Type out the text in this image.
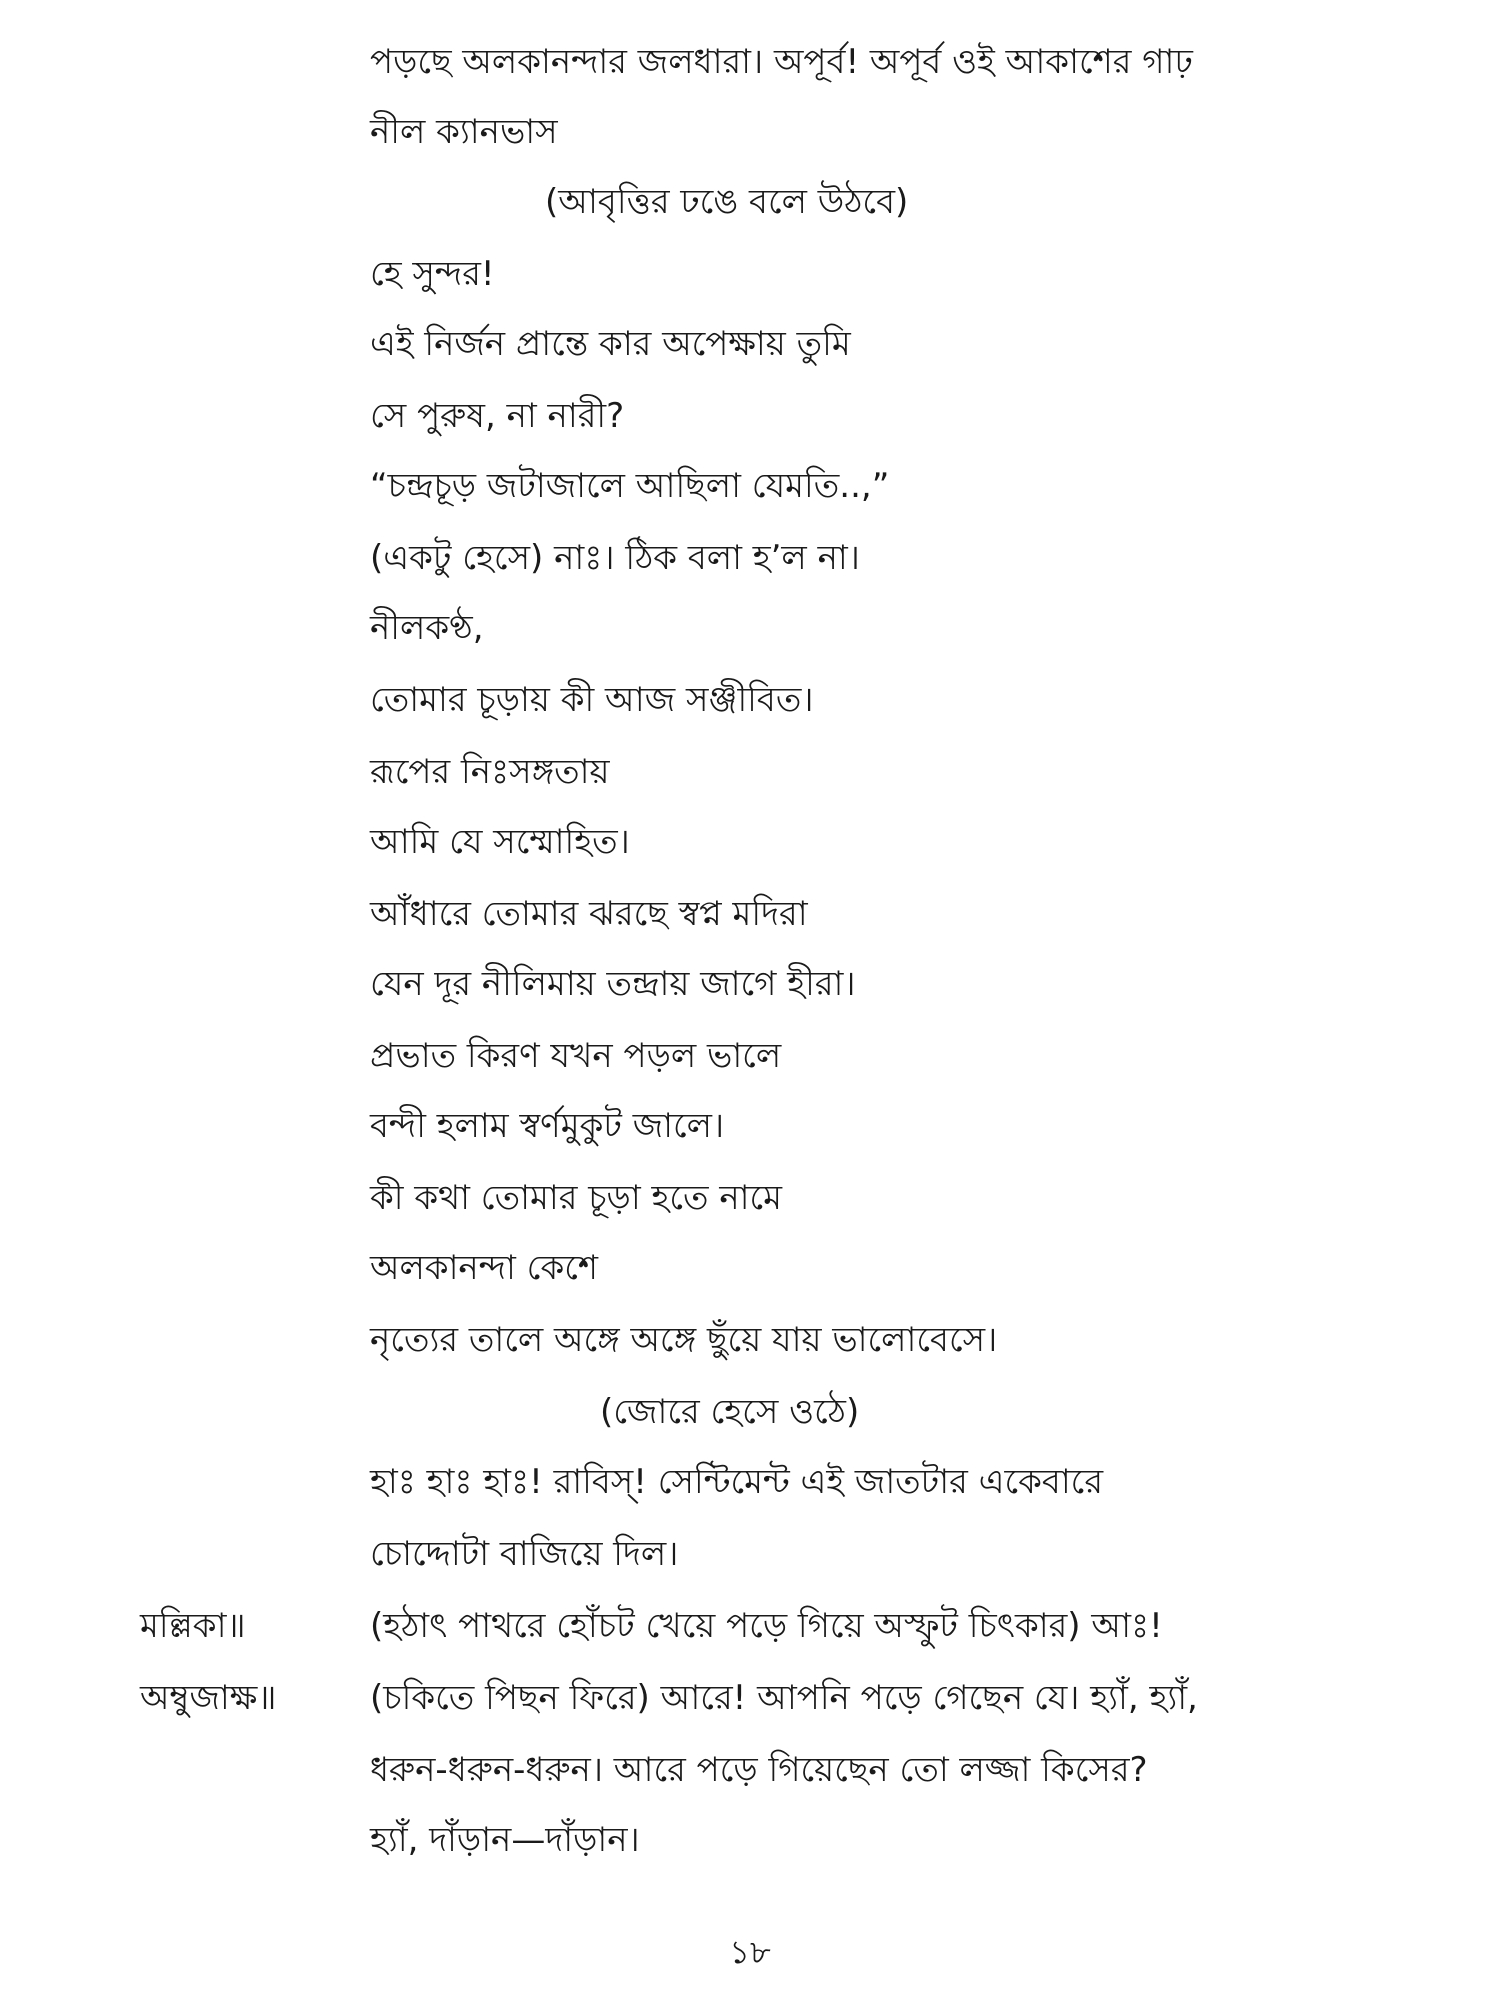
পড়ছে অলকানন্দার জলধারা। অপূর্ব! অপূর্ব ওই আকাশের গাঢ়
নীল ক্যানভাস
(আবৃত্তির ঢঙে বলে উঠবে)
হে সুন্দর!
এই নির্জন প্রান্তে কার অপেক্ষায় তুমি
সে পুরুষ, না নারী?
“চন্দ্রচূড় জটাজালে আছিলা যেমতি..,”
(একটু হেসে) নাঃ। ঠিক বলা হ’ল না।
নীলকণ্ঠ,
তোমার চূড়ায় কী আজ সঞ্জীবিত।
রূপের নিঃসঙ্গতায়
আমি যে সম্মোহিত।
আঁধারে তোমার ঝরছে স্বপ্ন মদিরা
যেন দূর নীলিমায় তন্দ্রায় জাগে হীরা।
প্রভাত কিরণ যখন পড়ল ভালে
বন্দী হলাম স্বর্ণমুকুট জালে।
কী কথা তোমার চূড়া হতে নামে
অলকানন্দা কেশে
নৃত্যের তালে অঙ্গে অঙ্গে ছুঁয়ে যায় ভালোবেসে।
(জোরে হেসে ওঠে)
হাঃ হাঃ হাঃ! রাবিস্! সেন্টিমেন্ট এই জাতটার একেবারে
চোদ্দোটা বাজিয়ে দিল।
মল্লিকা॥	(হঠাৎ পাথরে হোঁচট খেয়ে পড়ে গিয়ে অস্ফুট চিৎকার) আঃ!
অম্বুজাক্ষ॥	(চকিতে পিছন ফিরে) আরে! আপনি পড়ে গেছেন যে। হ্যাঁ, হ্যাঁ,
ধরুন-ধরুন-ধরুন। আরে পড়ে গিয়েছেন তো লজ্জা কিসের?
হ্যাঁ, দাঁড়ান—দাঁড়ান।
১৮
